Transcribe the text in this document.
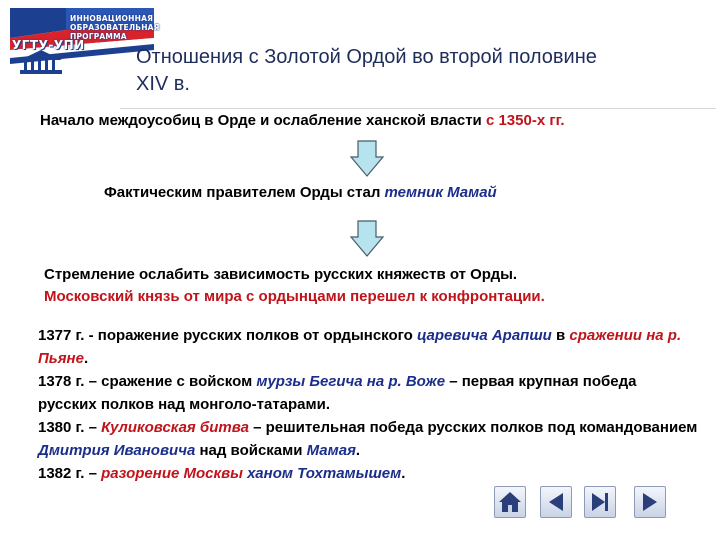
ИННОВАЦИОННАЯ
ОБРАЗОВАТЕЛЬНАЯ
ПРОГРАММА
УГТУ-УПИ
Отношения с Золотой Ордой во второй половине
XIV в.
Начало междоусобиц в Орде и ослабление ханской власти с 1350-х гг.
Фактическим правителем Орды стал темник Мамай
Стремление ослабить зависимость русских княжеств от Орды.
Московский князь от мира с ордынцами перешел к конфронтации.
1377 г. - поражение русских полков от ордынского царевича Арапши в сражении на р. Пьяне.
1378 г. – сражение с войском мурзы Бегича на р. Воже – первая крупная победа русских полков над монголо-татарами.
1380 г. – Куликовская битва – решительная победа русских полков под командованием Дмитрия Ивановича над войсками Мамая.
1382 г. – разорение Москвы ханом Тохтамышем.
